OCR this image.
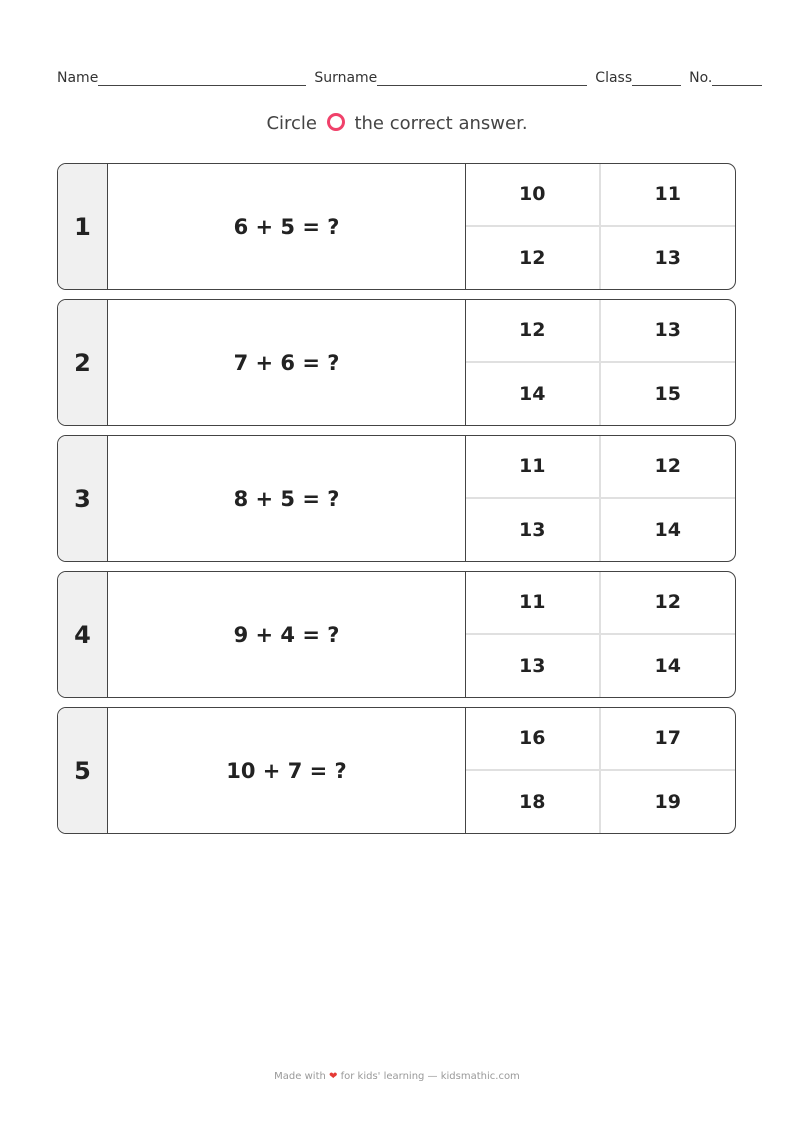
Name	Surname	Class	No.
Circle the correct answer.
1	6 + 5 = ?
10	11
12	13
2	7 + 6 = ?
12	13
14	15
3	8 + 5 = ?
11	12
13	14
4	9 + 4 = ?
11	12
13	14
5	10 + 7 = ?
16	17
18	19
Made with ❤ for kids' learning — kidsmathic.com
